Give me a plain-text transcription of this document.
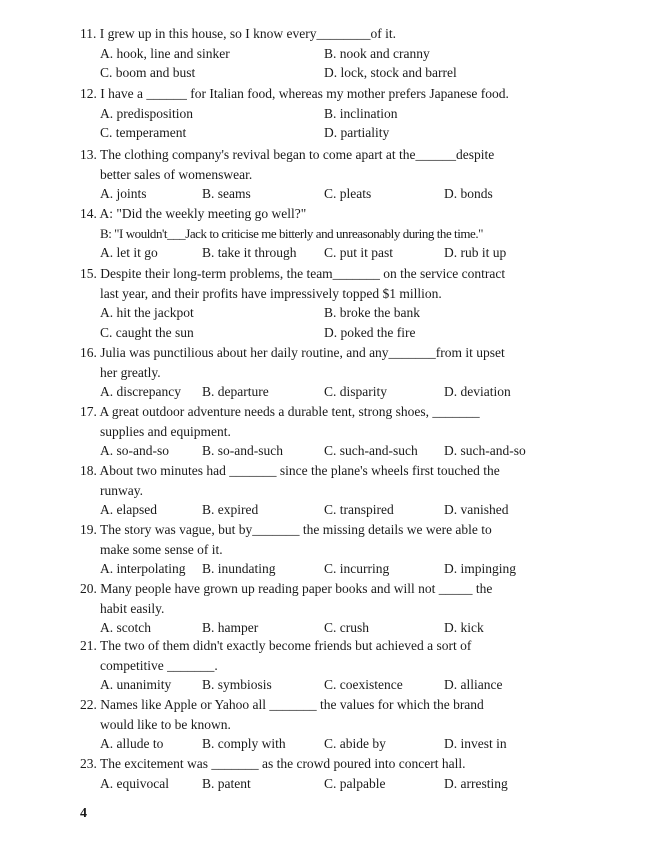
11. I grew up in this house, so I know every________of it.
A. hook, line and sinker	B. nook and cranny
C. boom and bust	D. lock, stock and barrel
12. I have a ______ for Italian food, whereas my mother prefers Japanese food.
A. predisposition	B. inclination
C. temperament	D. partiality
13. The clothing company's revival began to come apart at the______despite
better sales of womenswear.
A. joints	B. seams	C. pleats	D. bonds
14. A: "Did the weekly meeting go well?"
B: "I wouldn't___Jack to criticise me bitterly and unreasonably during the time."
A. let it go	B. take it through C. put it past	D. rub it up
15. Despite their long-term problems, the team_______ on the service contract
last year, and their profits have impressively topped $1 million.
A. hit the jackpot	B. broke the bank
C. caught the sun	D. poked the fire
16. Julia was punctilious about her daily routine, and any_______from it upset
her greatly.
A. discrepancy B. departure	C. disparity	D. deviation
17. A great outdoor adventure needs a durable tent, strong shoes, _______
supplies and equipment.
A. so-and-so B. so-and-such	C. such-and-such D. such-and-so
18. About two minutes had _______ since the plane's wheels first touched the
runway.
A. elapsed	B. expired	C. transpired	D. vanished
19. The story was vague, but by_______ the missing details we were able to
make some sense of it.
A. interpolating B. inundating	C. incurring	D. impinging
20. Many people have grown up reading paper books and will not _____ the
habit easily.
A. scotch	B. hamper	C. crush	D. kick
21. The two of them didn't exactly become friends but achieved a sort of
competitive _______.
A. unanimity B. symbiosis	C. coexistence	D. alliance
22. Names like Apple or Yahoo all _______ the values for which the brand
would like to be known.
A. allude to	B. comply with	C. abide by	D. invest in
23. The excitement was _______ as the crowd poured into concert hall.
A. equivocal B. patent	C. palpable	D. arresting
4
